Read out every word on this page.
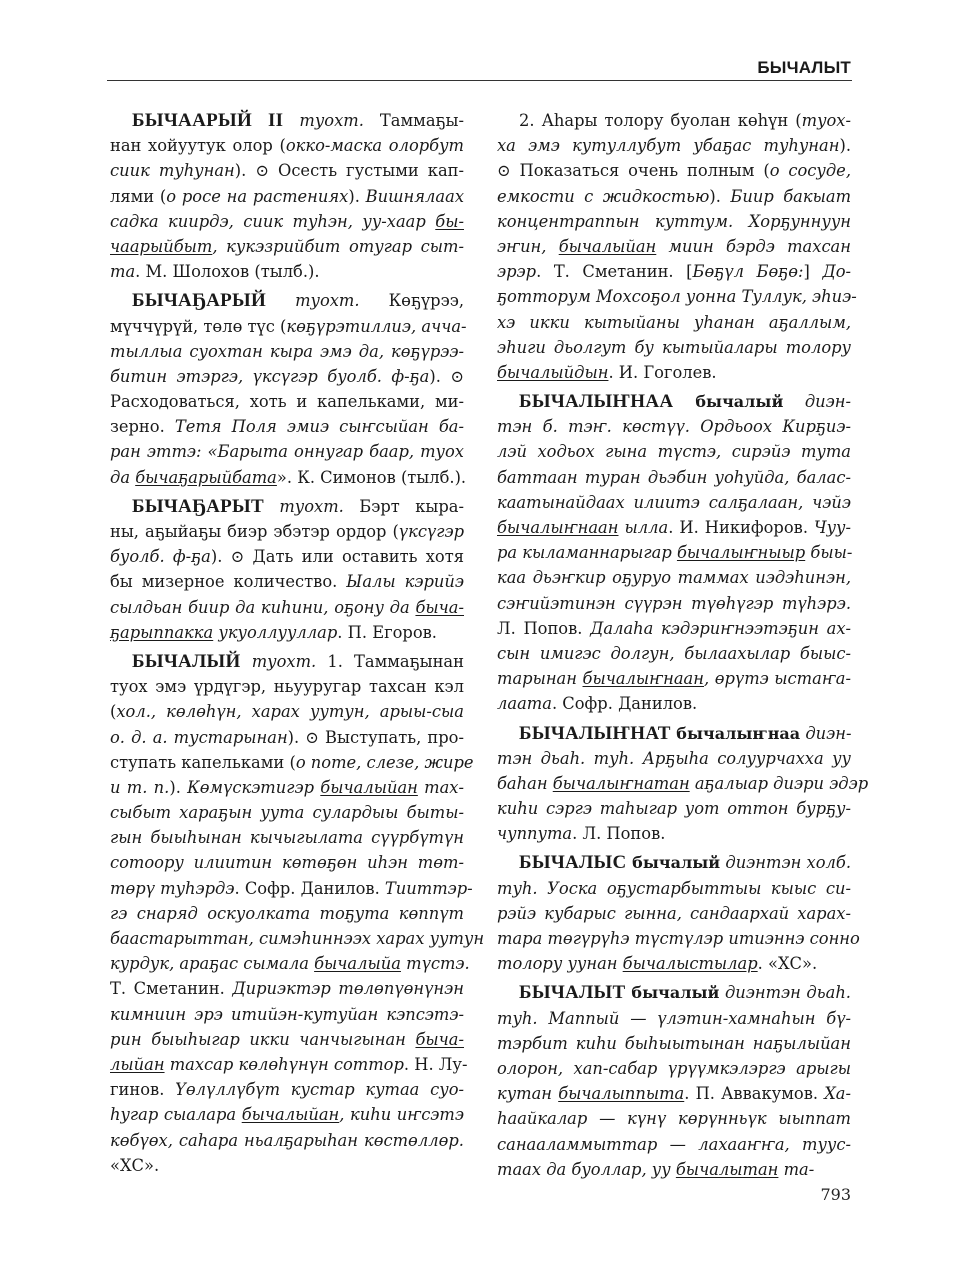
БЫЧАЛЫТ
БЫЧААРЫЙ II туохт. Таммаҕы-
нан хойуутук олор (окко-маска олорбут
сиик туһунан). ⊙ Осесть густыми кап-
лями (о росе на растениях). Вишнялаах
садка киирдэ, сиик туһэн, уу-хаар бы-
чаарыйбыт, кукэзрийбит отугар сыт-
та. М. Шолохов (тылб.).
БЫЧАҔАРЫЙ туохт. Көҕүрээ,
мүччүрүй, төлө түс (көҕүрэтиллиэ, аччa-
тыллыа суохтан кыра эмэ да, көҕүрээ-
битин этэргэ, үксүгэр буолб. ф-ҕа). ⊙
Расходоваться, хоть и капельками, ми-
зерно. Тетя Поля эмиэ сыҥсыйан ба-
ран эттэ: «Барыта оннугар баар, туох
да бычаҕарыйбата». К. Симонов (тылб.).
БЫЧАҔАРЫТ туохт. Бэрт кыра-
ны, аҕыйаҕы биэр эбэтэр ордор (үксүгэр
буолб. ф-ҕа). ⊙ Дать или оставить хотя
бы мизерное количество. Ыалы кэрийэ
сылдьан биир да киһини, оҕону да быча-
ҕарыппакка укуоллууллар. П. Егоров.
БЫЧАЛЫЙ туохт. 1. Таммаҕынан
туох эмэ үрдүгэр, ньууругар тахсан кэл
(хол., көлөһүн, харах уутун, арыы-сыа
о. д. а. тустарынан). ⊙ Выступать, про-
ступать капельками (о поте, слезе, жире
и т. п.). Көмүскэтигэр бычалыйан тах-
сыбыт хараҕын уута сулардыы быты-
гын быыһынан кычыгылата сүүрбүтүн
сотоору илиитин көтөҕөн иһэн төт-
төрү туһэрдэ. Софр. Данилов. Тииттэр-
гэ снаряд оскуолката тоҕута көппүт
баастарыттан, симэһиннээх харах уутун
курдук, араҕас сымала бычалыйа түстэ.
Т. Сметанин. Дириэктэр төлөпүөнүнэн
кимниин эрэ итийэн-кутуйан кэпсэтэ-
рин быыһыгар икки чанчыгынан быча-
лыйан тахсар көлөһүнүн соттор. Н. Лу-
гинов. Үөлүллүбүт кустар кутаа суо-
һугар сыалара бычалыйан, киһи иҥсэтэ
көбүөх, саһара ньалҕарыһан көстөллөр.
«ХС».
2. Аһары толору буолан көһүн (туох-
ха эмэ кутуллубут убаҕас туһунан).
⊙ Показаться очень полным (о сосуде,
емкости с жидкостью). Биир бакыат
концентраппын куттум. Хорҕуннуун
эҥин, бычалыйан миин бэрдэ тахсан
эрэр. Т. Сметанин. [Бөҕүл Бөҕө:] До-
ҕотторум Мохсоҕол уонна Туллук, эһиэ-
хэ икки кытыйаны уһанан аҕаллым,
эһиги дьолгут бу кытыйалары толору
бычалыйдын. И. Гоголев.
БЫЧАЛЫҤНАА бычалый диэн-
тэн б. тэҥ. көстүү. Ордьоох Кирҕиэ-
лэй ходьох гына түстэ, сирэйэ тута
баттаан туран дьэбин уоһуйда, балас-
каатынайдаах илиитэ салҕалаан, чэйэ
бычалыҥнаан ылла. И. Никифоров. Чуу-
ра кыламаннарыгар бычалыҥныыр быы-
каа дьэҥкир оҕуруо таммах иэдэһинэн,
сэҥийэтинэн сүүрэн түөһүгэр түһэрэ.
Л. Попов. Далаһа кэдэриҥнээтэҕин ах-
сын имигэс долгун, былаахылар быыс-
тарынан бычалыҥнаан, өрүтэ ыстаҥа-
лаата. Софр. Данилов.
БЫЧАЛЫҤНАТ бычалыҥнаа диэн-
тэн дьаһ. туһ. Арҕыһа солуурчахха уу
баһан бычалыҥнатан аҕалыар диэри эдэр
киһи сэргэ таһыгар уот оттон бурҕу-
чуппута. Л. Попов.
БЫЧАЛЫС бычалый диэнтэн холб.
туһ. Уоска оҕустарбыттыы кыыс си-
рэйэ кубарыс гынна, сандаархай харах-
тара төгүрүһэ түстүлэр итиэннэ сонно
толору уунан бычалыстылар. «ХС».
БЫЧАЛЫТ бычалый диэнтэн дьаһ.
туһ. Маппый — үлэтин-хамнаһын бү-
тэрбит киһи быһыытынан наҕылыйан
олорон, хап-сабар үрүүмкэлэргэ арыгы
кутан бычалыппыта. П. Аввакумов. Ха-
һаайкалар — күнү көрүнньүк ыыппат
санааламмыттар — лахааҥҥа, туус-
таах да буоллар, уу бычалытан та-
793
